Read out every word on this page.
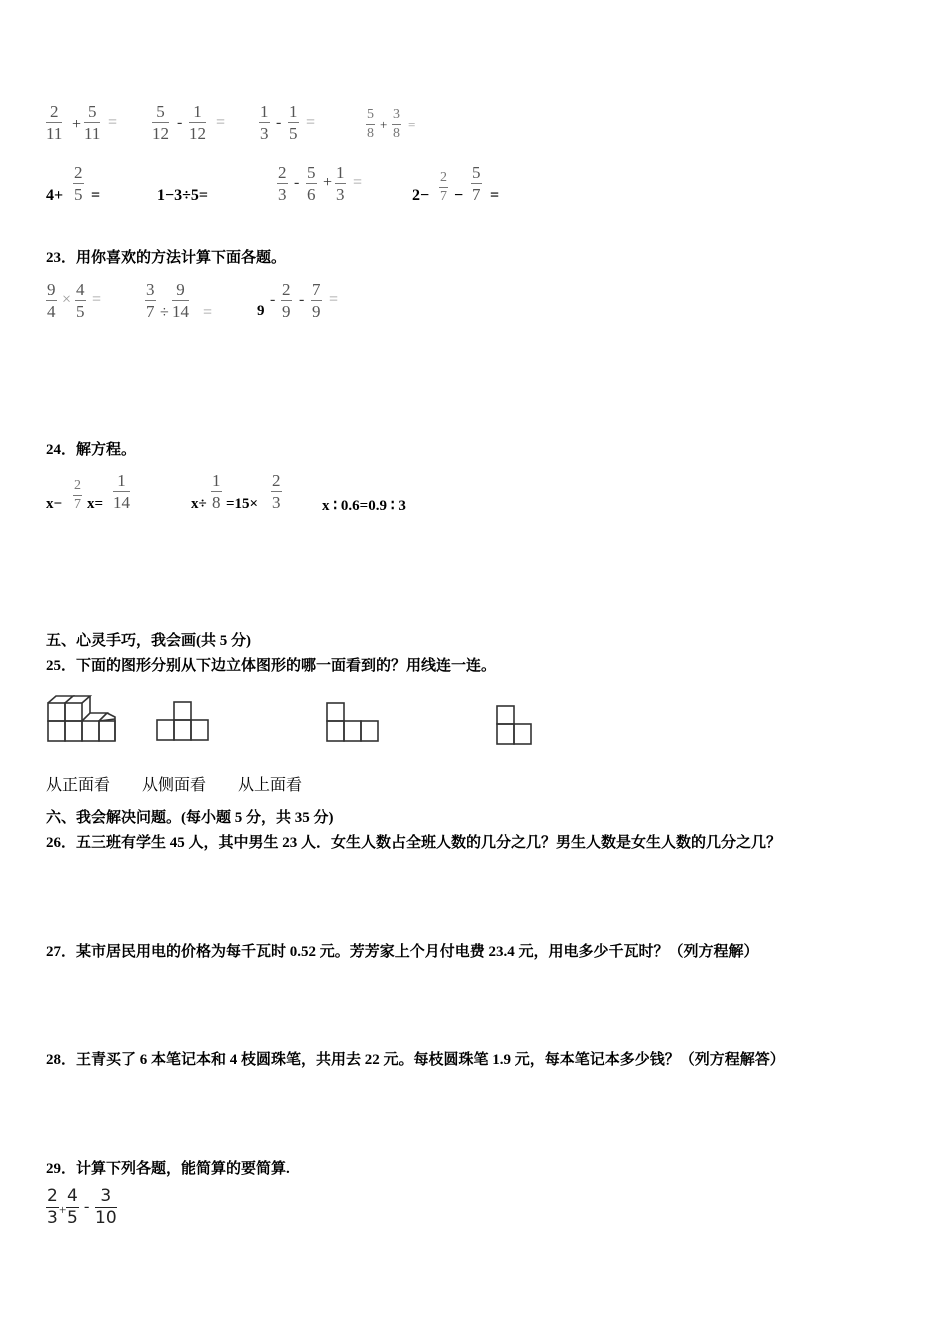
$\frac{2}{11} + \frac{5}{11} = \frac{5}{12} - \frac{1}{12} = \frac{1}{3} - \frac{1}{5}$ =	$\frac{5}{8} + \frac{3}{8}$ =
$4+ \frac{2}{5}$ =	1−3÷5=	$\frac{2}{3} - \frac{5}{6} + \frac{1}{3}$ =
$2- \frac{2}{7} - \frac{5}{7}$ =
23．用你喜欢的方法计算下面各题。
$\frac{9}{4} \times \frac{4}{5}$ =	$\frac{3}{7} \div \frac{9}{14}$ =	9
- $\frac{2}{9} - \frac{7}{9}$ =
24．解方程。
$x- \frac{2}{7} x= \frac{1}{14}$	$x\div \frac{1}{8} =15\times \frac{2}{3}$	x ∶ 0.6=0.9 ∶ 3
五、心灵手巧，我会画(共 5 分)
25．下面的图形分别从下边立体图形的哪一面看到的？用线连一连。
从正面看　　从侧面看　　从上面看
六、我会解决问题。(每小题 5 分，共 35 分)
26．五三班有学生 45 人，其中男生 23 人．女生人数占全班人数的几分之几？男生人数是女生人数的几分之几？
27．某市居民用电的价格为每千瓦时 0.52 元。芳芳家上个月付电费 23.4 元，用电多少千瓦时？（列方程解）
28．王青买了 6 本笔记本和 4 枝圆珠笔，共用去 22 元。每枝圆珠笔 1.9 元，每本笔记本多少钱？（列方程解答）
29．计算下列各题，能简算的要简算.
$\frac{2}{3} + \frac{4}{5} - \frac{3}{10}$
